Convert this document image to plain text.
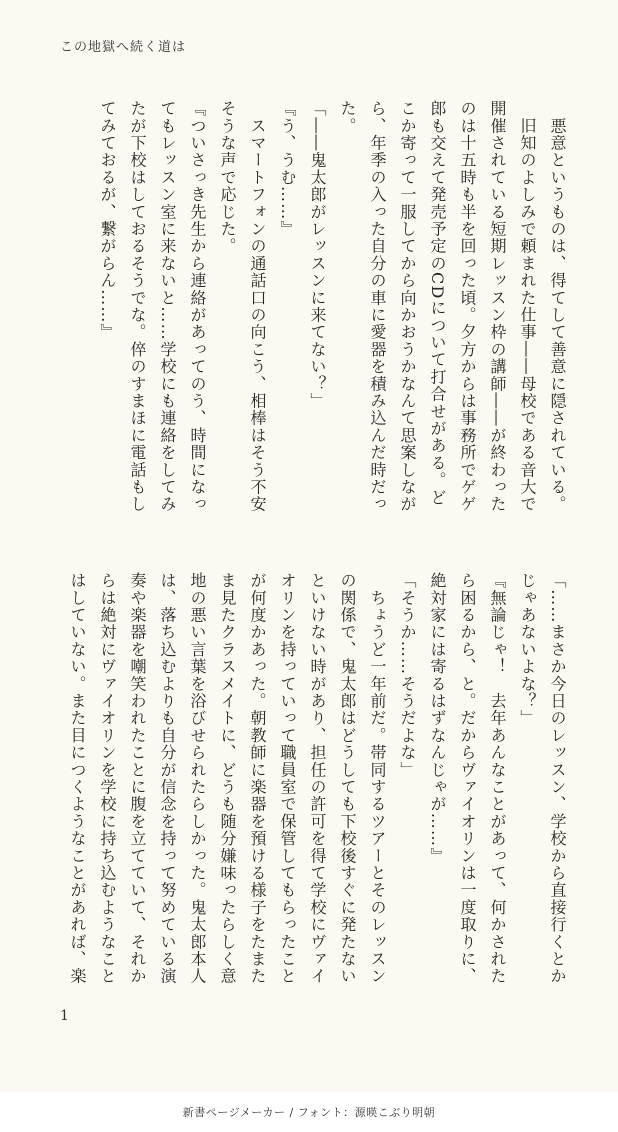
この地獄へ続く道は
　悪意というものは、得てして善意に隠されている。
　旧知のよしみで頼まれた仕事――母校である音大で
開催されている短期レッスン枠の講師――が終わった
のは十五時も半を回った頃。夕方からは事務所でゲゲ
郎も交えて発売予定のCDについて打合せがある。ど
こか寄って一服してから向かおうかなんて思案しなが
ら、年季の入った自分の車に愛器を積み込んだ時だっ
た。
「――鬼太郎がレッスンに来てない？」
『う、うむ……』
　スマートフォンの通話口の向こう、相棒はそう不安
そうな声で応じた。
『ついさっき先生から連絡があってのう、時間になっ
てもレッスン室に来ないと……学校にも連絡をしてみ
たが下校はしておるそうでな。倅のすまほに電話もし
てみておるが、繋がらん……』
「……まさか今日のレッスン、学校から直接行くとか
じゃあないよな？」
『無論じゃ！　去年あんなことがあって、何かされた
ら困るから、と。だからヴァイオリンは一度取りに、
絶対家には寄るはずなんじゃが……』
「そうか……そうだよな」
　ちょうど一年前だ。帯同するツアーとそのレッスン
の関係で、鬼太郎はどうしても下校後すぐに発たない
といけない時があり、担任の許可を得て学校にヴァイ
オリンを持っていって職員室で保管してもらったこと
が何度かあった。朝教師に楽器を預ける様子をたまた
ま見たクラスメイトに、どうも随分嫌味ったらしく意
地の悪い言葉を浴びせられたらしかった。鬼太郎本人
は、落ち込むよりも自分が信念を持って努めている演
奏や楽器を嘲笑われたことに腹を立てていて、それか
らは絶対にヴァイオリンを学校に持ち込むようなこと
はしていない。また目につくようなことがあれば、楽
1
新書ページメーカー / フォント：源暎こぶり明朝
